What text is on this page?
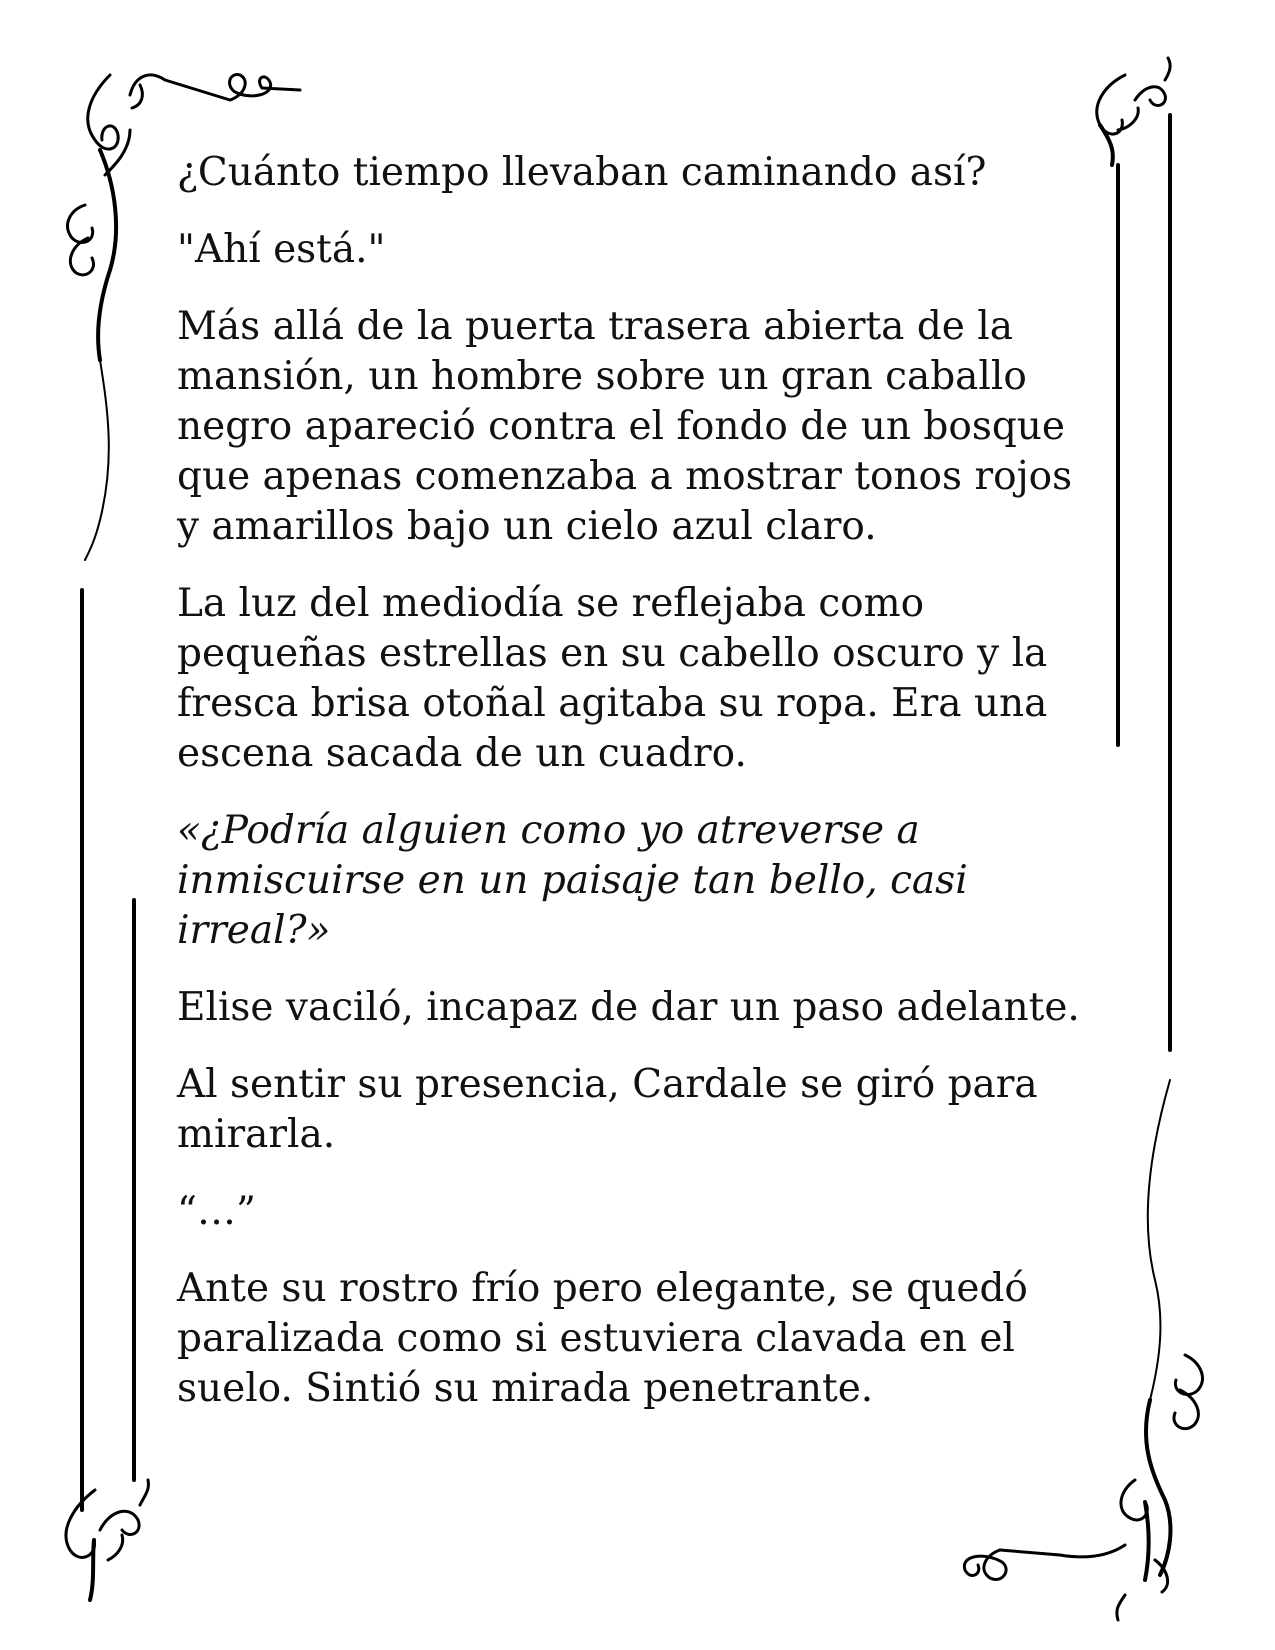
¿Cuánto tiempo llevaban caminando así?

"Ahí está."

Más allá de la puerta trasera abierta de la mansión, un hombre sobre un gran caballo negro apareció contra el fondo de un bosque que apenas comenzaba a mostrar tonos rojos y amarillos bajo un cielo azul claro.

La luz del mediodía se reflejaba como pequeñas estrellas en su cabello oscuro y la fresca brisa otoñal agitaba su ropa. Era una escena sacada de un cuadro.

«¿Podría alguien como yo atreverse a inmiscuirse en un paisaje tan bello, casi irreal?»

Elise vaciló, incapaz de dar un paso adelante.

Al sentir su presencia, Cardale se giró para mirarla.

“…”

Ante su rostro frío pero elegante, se quedó paralizada como si estuviera clavada en el suelo. Sintió su mirada penetrante.
